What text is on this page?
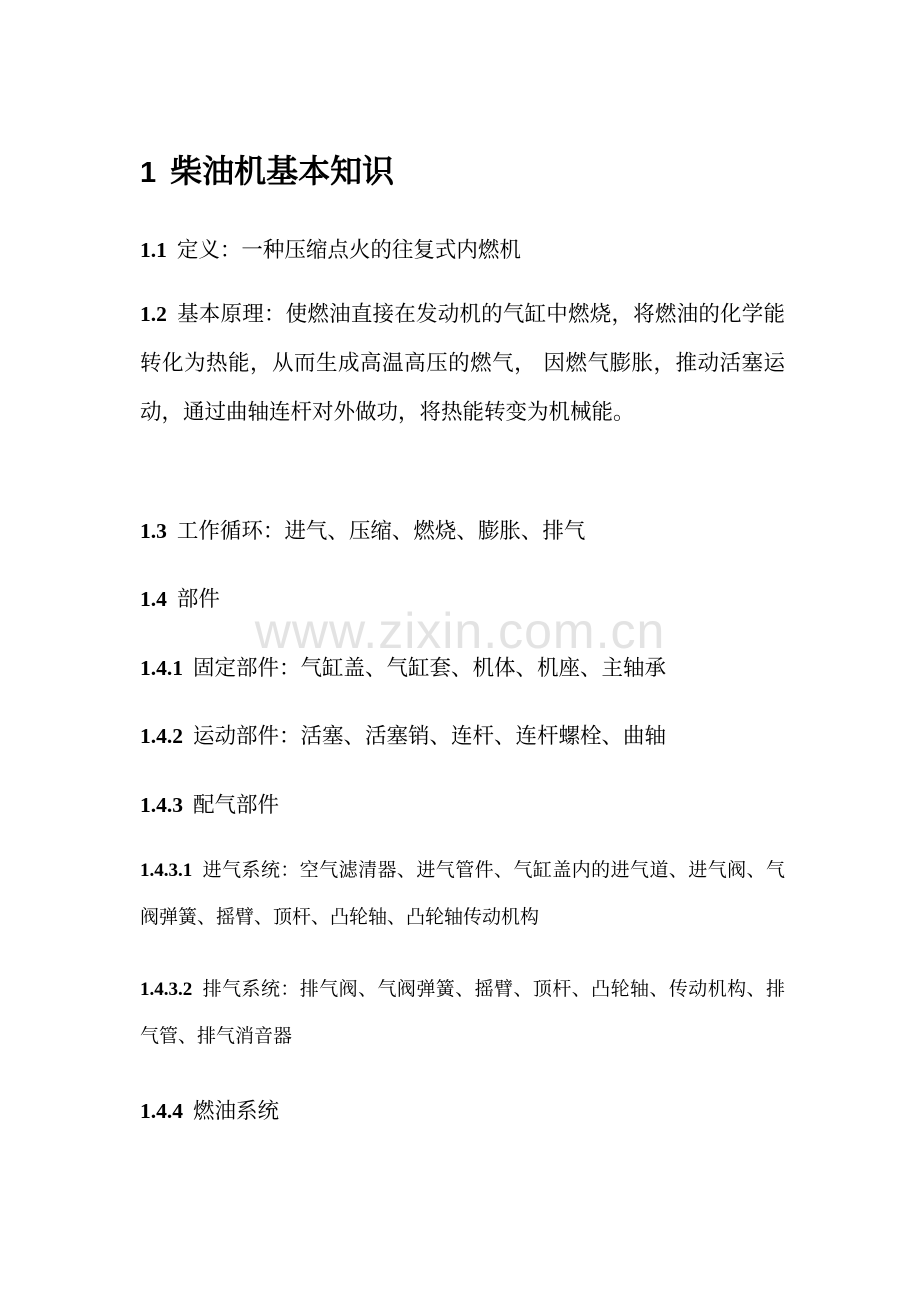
www.zixin.com.cn
1 柴油机基本知识
1.1 定义：一种压缩点火的往复式内燃机
1.2 基本原理：使燃油直接在发动机的气缸中燃烧，将燃油的化学能转化为热能，从而生成高温高压的燃气， 因燃气膨胀，推动活塞运动，通过曲轴连杆对外做功，将热能转变为机械能。
1.3 工作循环：进气、压缩、燃烧、膨胀、排气
1.4 部件
1.4.1 固定部件：气缸盖、气缸套、机体、机座、主轴承
1.4.2 运动部件：活塞、活塞销、连杆、连杆螺栓、曲轴
1.4.3 配气部件
1.4.3.1 进气系统：空气滤清器、进气管件、气缸盖内的进气道、进气阀、气阀弹簧、摇臂、顶杆、凸轮轴、凸轮轴传动机构
1.4.3.2 排气系统：排气阀、气阀弹簧、摇臂、顶杆、凸轮轴、传动机构、排气管、排气消音器
1.4.4 燃油系统
